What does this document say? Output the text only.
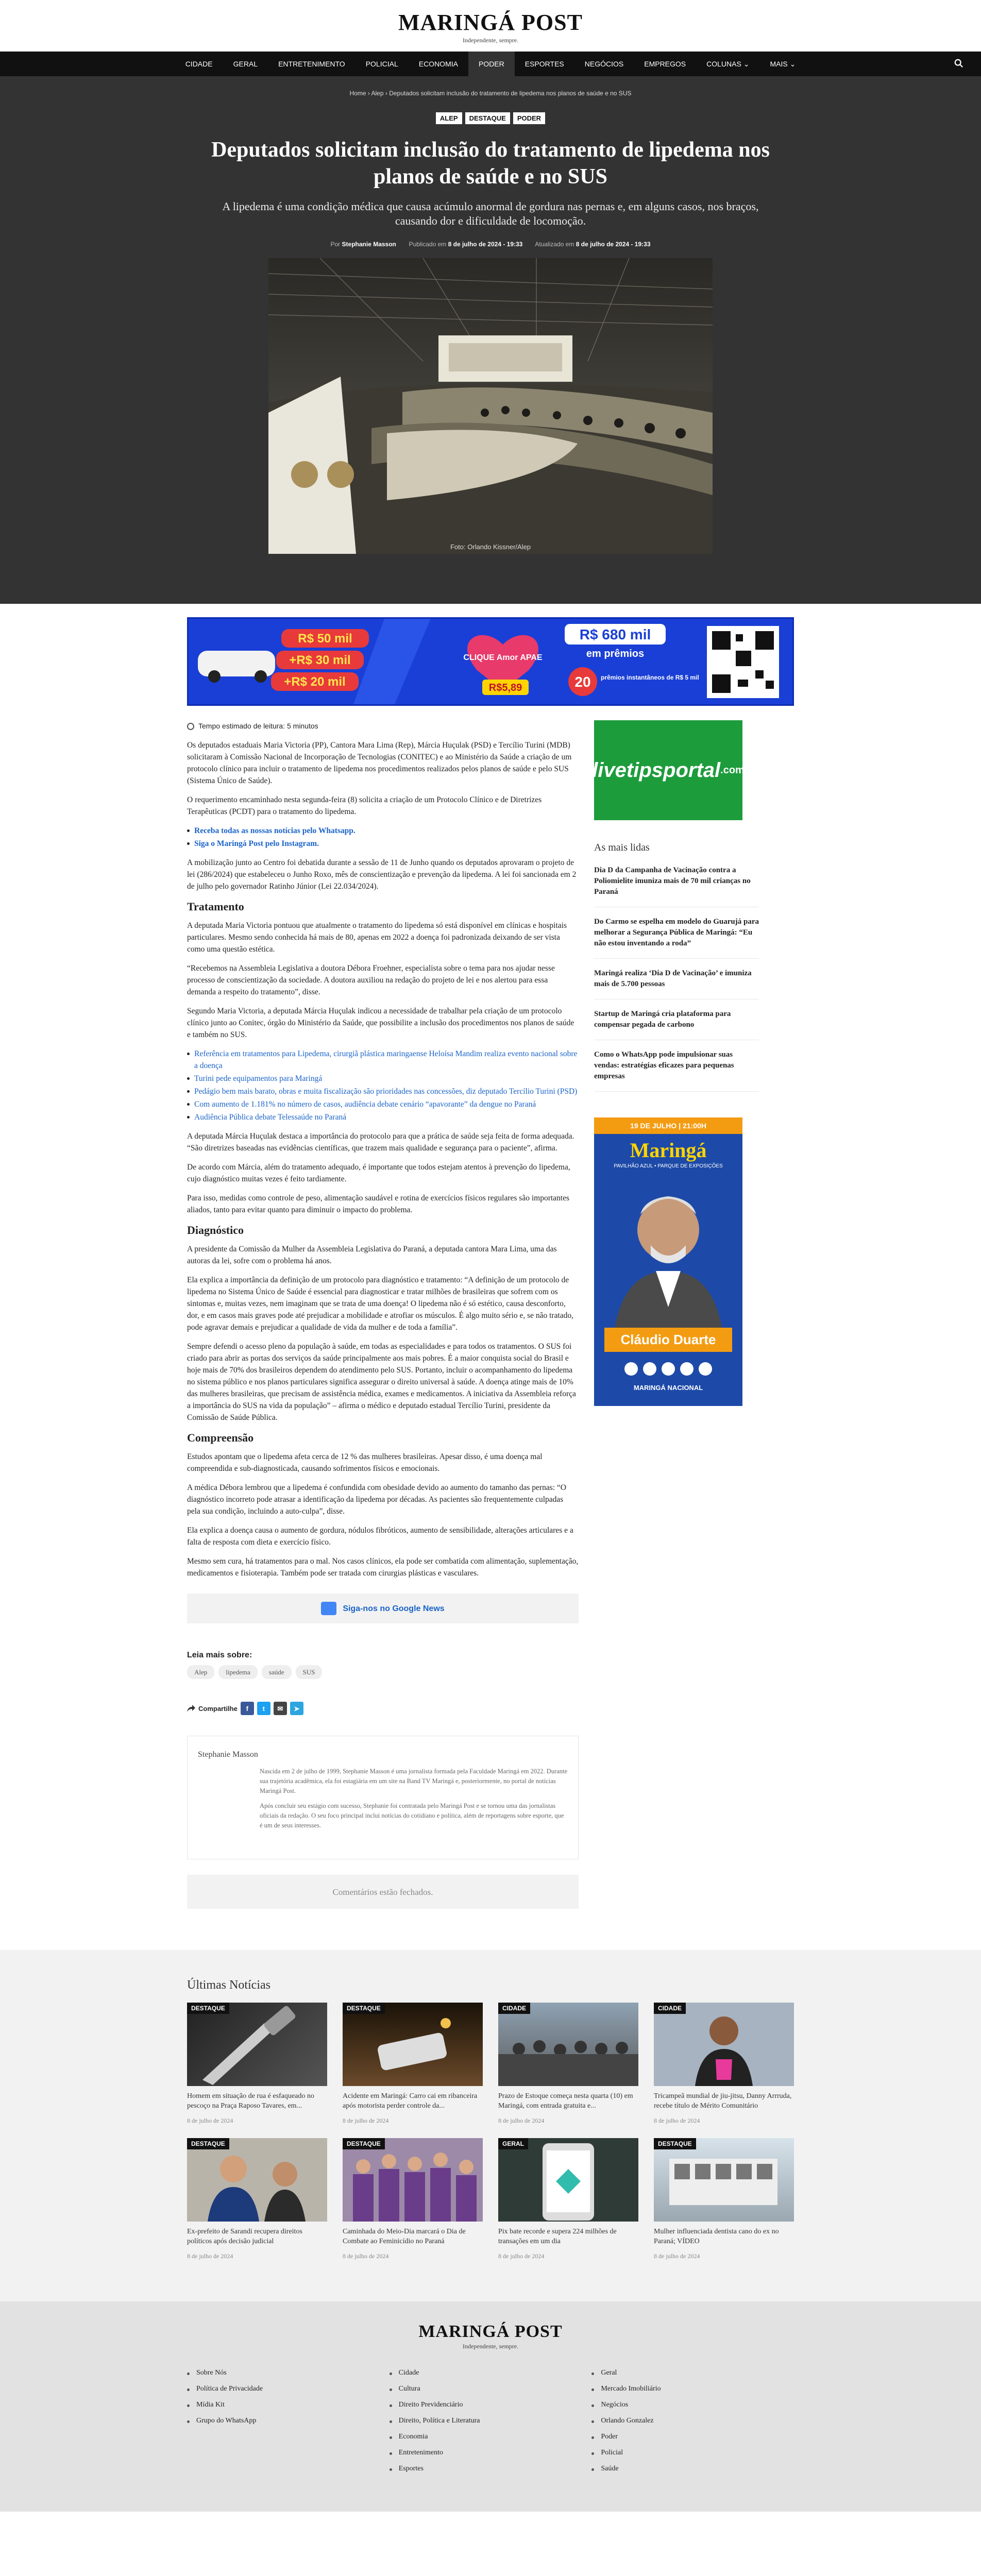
MARINGÁ POST
Independente, sempre.
CIDADE	GERAL	ENTRETENIMENTO	POLICIAL	ECONOMIA	PODER	ESPORTES	NEGÓCIOS	EMPREGOS	COLUNAS ⌄	MAIS ⌄
Home › Alep › Deputados solicitam inclusão do tratamento de lipedema nos planos de saúde e no SUS
ALEP	DESTAQUE	PODER
Deputados solicitam inclusão do tratamento de lipedema nos planos de saúde e no SUS
A lipedema é uma condição médica que causa acúmulo anormal de gordura nas pernas e, em alguns casos, nos braços, causando dor e dificuldade de locomoção.
Por Stephanie Masson Publicado em 8 de julho de 2024 - 19:33 Atualizado em 8 de julho de 2024 - 19:33
Foto: Orlando Kissner/Alep
R$ 50 mil
+R$ 30 mil
+R$ 20 mil
CLIQUE Amor APAE
R$5,89
R$ 680 mil
em prêmios
20 prêmios instantâneos de R$ 5 mil
Tempo estimado de leitura: 5 minutos

Os deputados estaduais Maria Victoria (PP), Cantora Mara Lima (Rep), Márcia Huçulak (PSD) e Tercílio Turini (MDB) solicitaram à Comissão Nacional de Incorporação de Tecnologias (CONITEC) e ao Ministério da Saúde a criação de um protocolo clínico para incluir o tratamento de lipedema nos procedimentos realizados pelos planos de saúde e pelo SUS (Sistema Único de Saúde).

O requerimento encaminhado nesta segunda-feira (8) solicita a criação de um Protocolo Clínico e de Diretrizes Terapêuticas (PCDT) para o tratamento do lipedema.

Receba todas as nossas notícias pelo Whatsapp.
Siga o Maringá Post pelo Instagram.

A mobilização junto ao Centro foi debatida durante a sessão de 11 de Junho quando os deputados aprovaram o projeto de lei (286/2024) que estabeleceu o Junho Roxo, mês de conscientização e prevenção da lipedema. A lei foi sancionada em 2 de julho pelo governador Ratinho Júnior (Lei 22.034/2024).

Tratamento

A deputada Maria Victoria pontuou que atualmente o tratamento do lipedema só está disponível em clínicas e hospitais particulares. Mesmo sendo conhecida há mais de 80, apenas em 2022 a doença foi padronizada deixando de ser vista como uma questão estética.

“Recebemos na Assembleia Legislativa a doutora Débora Froehner, especialista sobre o tema para nos ajudar nesse processo de conscientização da sociedade. A doutora auxiliou na redação do projeto de lei e nos alertou para essa demanda a respeito do tratamento”, disse.

Segundo Maria Victoria, a deputada Márcia Huçulak indicou a necessidade de trabalhar pela criação de um protocolo clínico junto ao Conitec, órgão do Ministério da Saúde, que possibilite a inclusão dos procedimentos nos planos de saúde e também no SUS.

Referência em tratamentos para Lipedema, cirurgiã plástica maringaense Heloísa Mandim realiza evento nacional sobre a doença
Turini pede equipamentos para Maringá
Pedágio bem mais barato, obras e muita fiscalização são prioridades nas concessões, diz deputado Tercílio Turini (PSD)
Com aumento de 1.181% no número de casos, audiência debate cenário “apavorante” da dengue no Paraná
Audiência Pública debate Telessaúde no Paraná

A deputada Márcia Huçulak destaca a importância do protocolo para que a prática de saúde seja feita de forma adequada. “São diretrizes baseadas nas evidências científicas, que trazem mais qualidade e segurança para o paciente”, afirma.

De acordo com Márcia, além do tratamento adequado, é importante que todos estejam atentos à prevenção do lipedema, cujo diagnóstico muitas vezes é feito tardiamente.

Para isso, medidas como controle de peso, alimentação saudável e rotina de exercícios físicos regulares são importantes aliados, tanto para evitar quanto para diminuir o impacto do problema.

Diagnóstico

A presidente da Comissão da Mulher da Assembleia Legislativa do Paraná, a deputada cantora Mara Lima, uma das autoras da lei, sofre com o problema há anos.

Ela explica a importância da definição de um protocolo para diagnóstico e tratamento: “A definição de um protocolo de lipedema no Sistema Único de Saúde é essencial para diagnosticar e tratar milhões de brasileiras que sofrem com os sintomas e, muitas vezes, nem imaginam que se trata de uma doença! O lipedema não é só estético, causa desconforto, dor, e em casos mais graves pode até prejudicar a mobilidade e atrofiar os músculos. É algo muito sério e, se não tratado, pode agravar demais e prejudicar a qualidade de vida da mulher e de toda a família”.

Sempre defendi o acesso pleno da população à saúde, em todas as especialidades e para todos os tratamentos. O SUS foi criado para abrir as portas dos serviços da saúde principalmente aos mais pobres. É a maior conquista social do Brasil e hoje mais de 70% dos brasileiros dependem do atendimento pelo SUS. Portanto, incluir o acompanhamento do lipedema no sistema público e nos planos particulares significa assegurar o direito universal à saúde. A doença atinge mais de 10% das mulheres brasileiras, que precisam de assistência médica, exames e medicamentos. A iniciativa da Assembleia reforça a importância do SUS na vida da população” – afirma o médico e deputado estadual Tercílio Turini, presidente da Comissão de Saúde Pública.

Compreensão

Estudos apontam que o lipedema afeta cerca de 12 % das mulheres brasileiras. Apesar disso, é uma doença mal compreendida e sub-diagnosticada, causando sofrimentos físicos e emocionais.

A médica Débora lembrou que a lipedema é confundida com obesidade devido ao aumento do tamanho das pernas: “O diagnóstico incorreto pode atrasar a identificação da lipedema por décadas. As pacientes são frequentemente culpadas pela sua condição, incluindo a auto-culpa”, disse.

Ela explica a doença causa o aumento de gordura, nódulos fibróticos, aumento de sensibilidade, alterações articulares e a falta de resposta com dieta e exercício físico.

Mesmo sem cura, há tratamentos para o mal. Nos casos clínicos, ela pode ser combatida com alimentação, suplementação, medicamentos e fisioterapia. Também pode ser tratada com cirurgias plásticas e vasculares.

Siga-nos no Google News
Leia mais sobre:
Alep	lipedema	saúde	SUS
Compartilhe	f	t	✉	➤
Stephanie Masson

Nascida em 2 de julho de 1999, Stephanie Masson é uma jornalista formada pela Faculdade Maringá em 2022. Durante sua trajetória acadêmica, ela foi estagiária em um site na Band TV Maringá e, posteriormente, no portal de notícias Maringá Post.

Após concluir seu estágio com sucesso, Stephanie foi contratada pelo Maringá Post e se tornou uma das jornalistas oficiais da redação. O seu foco principal inclui notícias do cotidiano e política, além de reportagens sobre esporte, que é um de seus interesses.

Comentários estão fechados.
livetipsportal .com
As mais lidas
Dia D da Campanha de Vacinação contra a Poliomielite imuniza mais de 70 mil crianças no Paraná
Do Carmo se espelha em modelo do Guarujá para melhorar a Segurança Pública de Maringá: “Eu não estou inventando a roda”
Maringá realiza ‘Dia D de Vacinação’ e imuniza mais de 5.700 pessoas
Startup de Maringá cria plataforma para compensar pegada de carbono
Como o WhatsApp pode impulsionar suas vendas: estratégias eficazes para pequenas empresas
19 DE JULHO | 21:00H
Maringá
PAVILHÃO AZUL • PARQUE DE EXPOSIÇÕES
Cláudio Duarte
MARINGÁ NACIONAL
Últimas Notícias
DESTAQUE
Homem em situação de rua é esfaqueado no pescoço na Praça Raposo Tavares, em...
8 de julho de 2024
DESTAQUE
Acidente em Maringá: Carro cai em ribanceira após motorista perder controle da...
8 de julho de 2024
CIDADE
Prazo de Estoque começa nesta quarta (10) em Maringá, com entrada gratuita e...
8 de julho de 2024
CIDADE
Tricampeã mundial de jiu-jitsu, Danny Arrruda, recebe título de Mérito Comunitário
8 de julho de 2024
DESTAQUE
Ex-prefeito de Sarandi recupera direitos políticos após decisão judicial
8 de julho de 2024
DESTAQUE
Caminhada do Meio-Dia marcará o Dia de Combate ao Feminicídio no Paraná
8 de julho de 2024
GERAL
Pix bate recorde e supera 224 milhões de transações em um dia
8 de julho de 2024
DESTAQUE
Mulher influenciada dentista cano do ex no Paraná; VÍDEO
8 de julho de 2024
MARINGÁ POST
Independente, sempre.
Sobre Nós
Política de Privacidade
Mídia Kit
Grupo do WhatsApp
Cidade
Cultura
Direito Previdenciário
Direito, Política e Literatura
Economia
Entretenimento
Esportes
Geral
Mercado Imobiliário
Negócios
Orlando Gonzalez
Poder
Policial
Saúde
